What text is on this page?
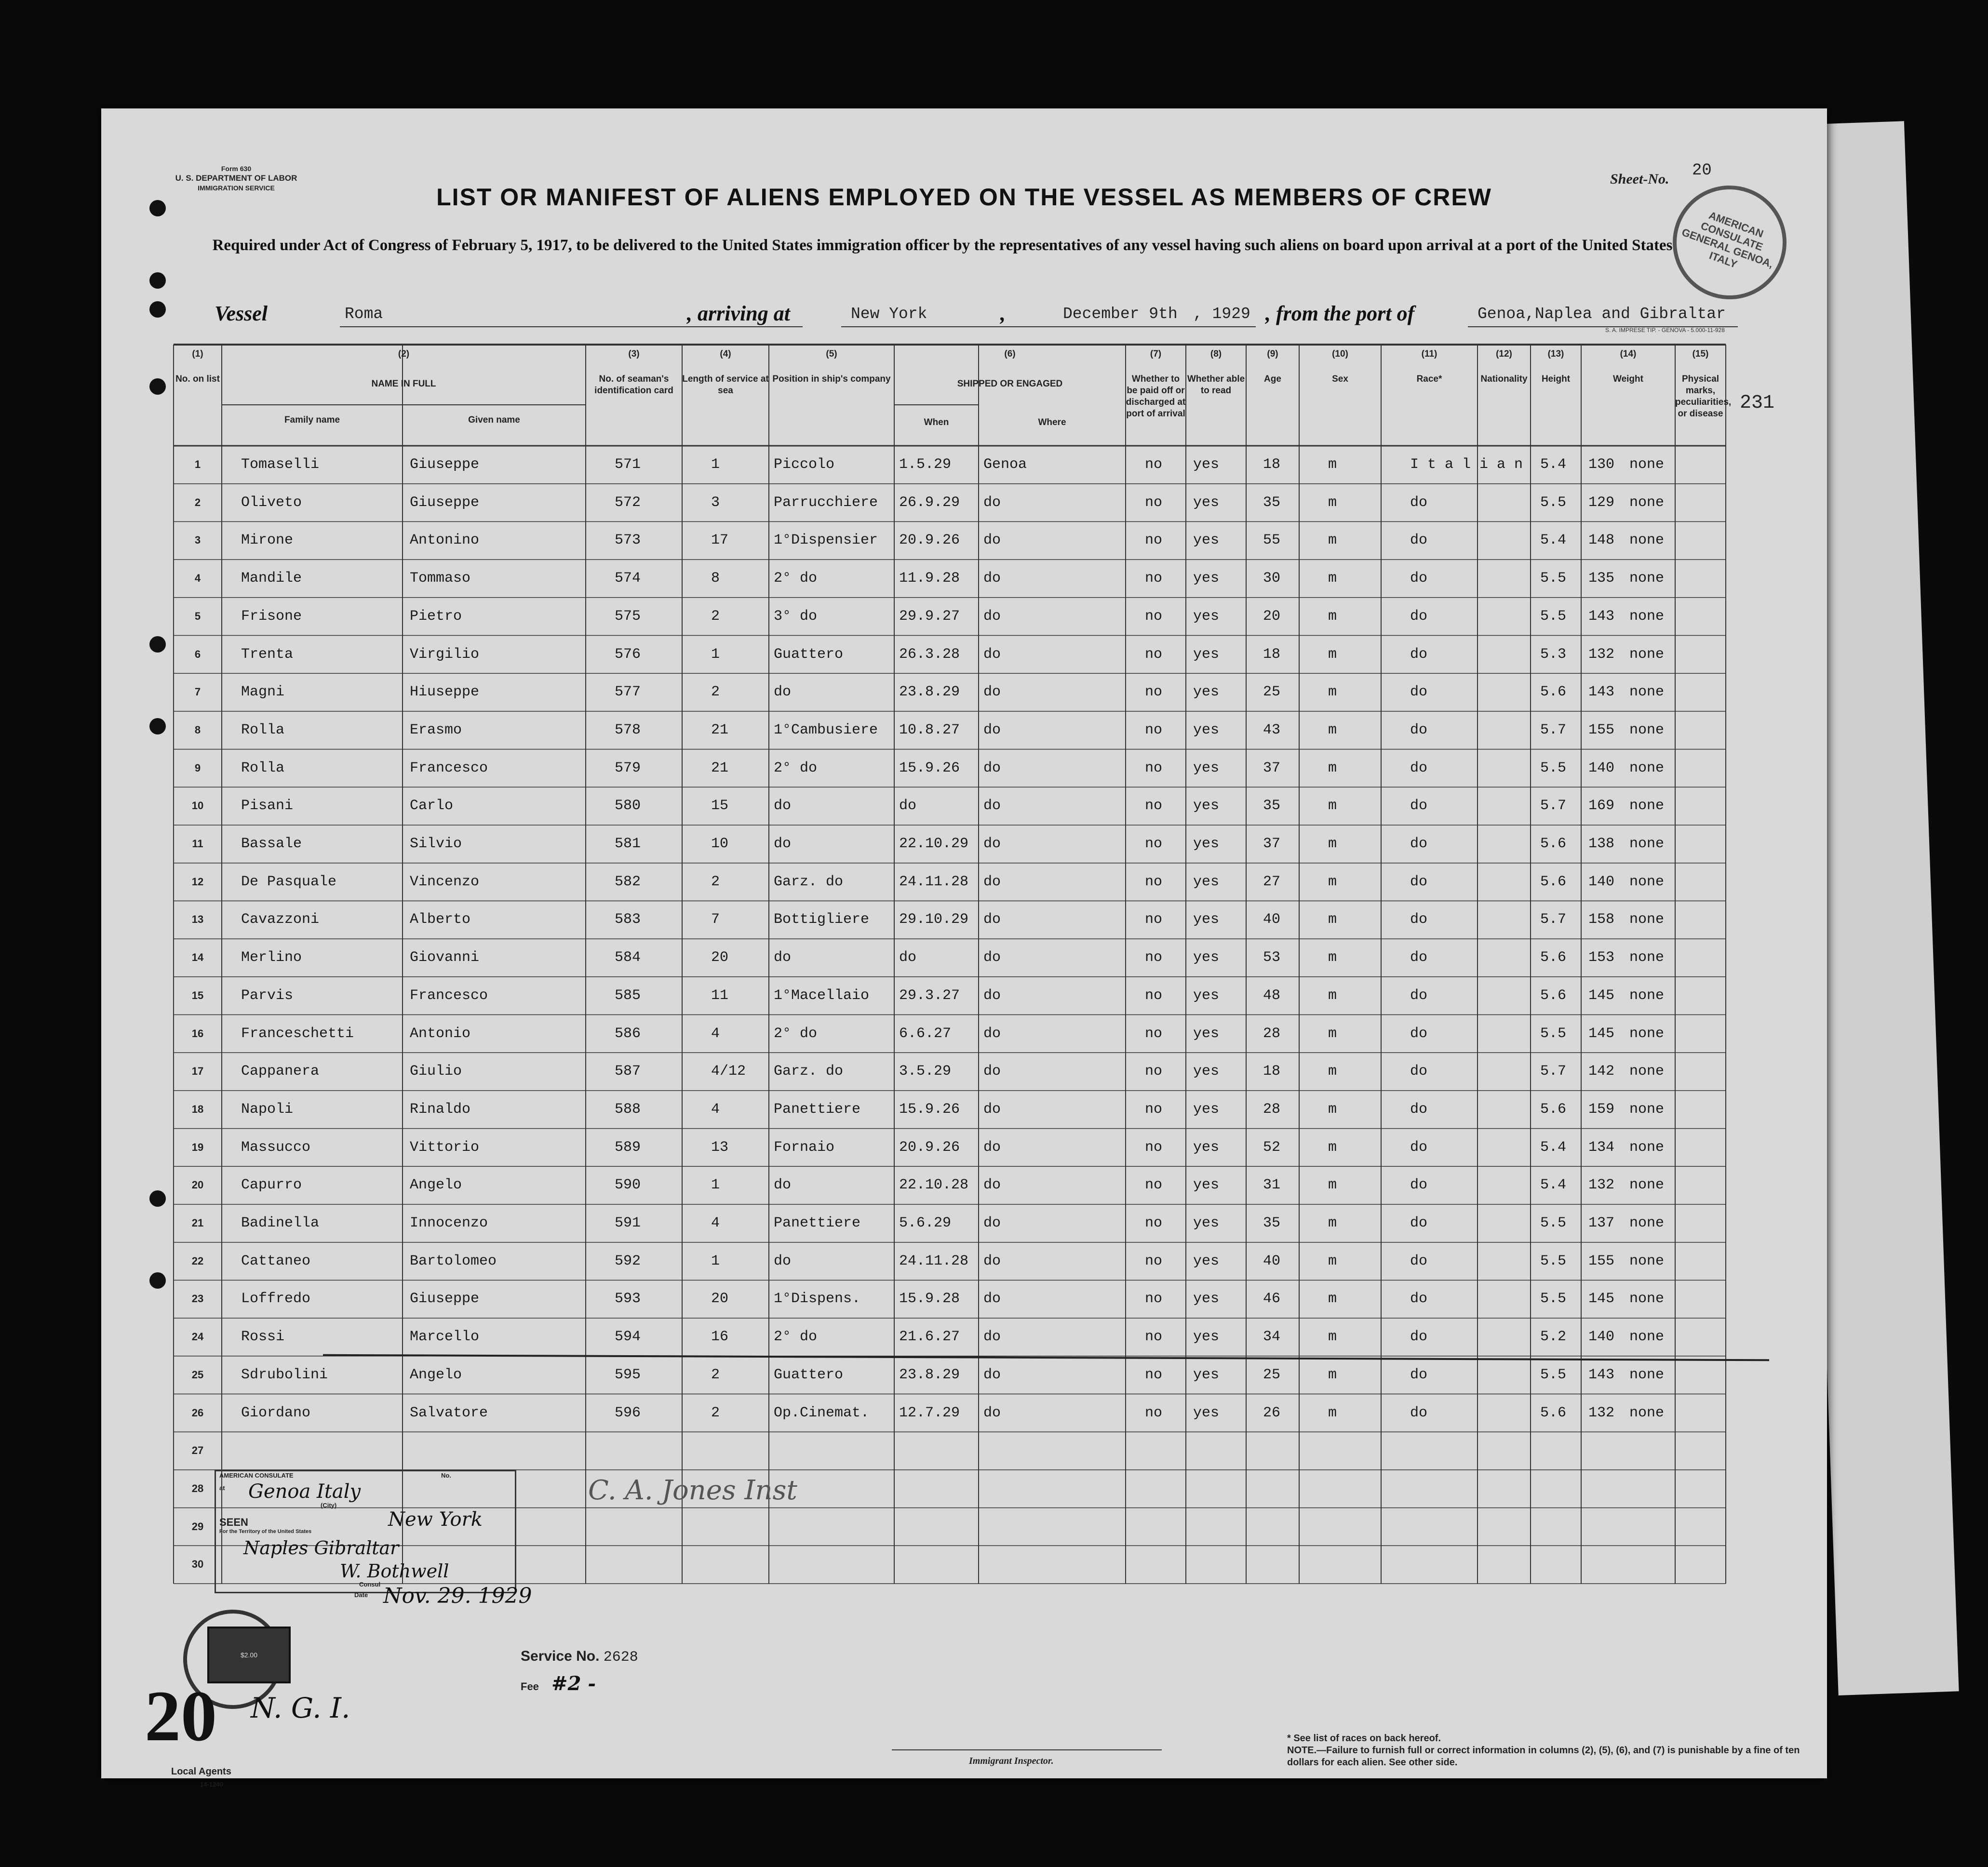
Form 630
U. S. DEPARTMENT OF LABOR
IMMIGRATION SERVICE
Sheet-No. 20
AMERICAN CONSULATE GENERAL GENOA, ITALY
LIST OR MANIFEST OF ALIENS EMPLOYED ON THE VESSEL AS MEMBERS OF CREW
Required under Act of Congress of February 5, 1917, to be delivered to the United States immigration officer by the representatives of any vessel having such aliens on board upon arrival at a port of the United States
Vessel	Roma	, arriving at	New York	,	December 9th , 1929 , from the port of	Genoa,Naplea and Gibraltar
S. A. IMPRESE TIP. - GENOVA - 5.000-11-928
(1)
No. on list
(2)
NAME IN FULL
(3)
No. of seaman's identification card
(4)
Length of service at sea
(5)
Position in ship's company
(6)
SHIPPED OR ENGAGED
(7)
Whether to be paid off or discharged at port of arrival
(8)
Whether able to read
(9)
Age
(10)
Sex
(11)
Race*
(12)
Nationality
(13)
Height
(14)
Weight
(15)
Physical marks, peculiarities, or disease
Family name	Given name	When	Where
231
1	Tomaselli	Giuseppe	571	1	Piccolo	1.5.29 Genoa	no yes	18	m	I t a l i a n 5.4 130 none
2	Oliveto	Giuseppe	572	3	Parrucchiere 26.9.29 do	no yes	35	m	do	5.5 129 none
3	Mirone	Antonino	573	17	1°Dispensier 20.9.26 do	no yes	55	m	do	5.4 148 none
4	Mandile	Tommaso	574	8	2° do	11.9.28 do	no yes	30	m	do	5.5 135 none
5	Frisone	Pietro	575	2	3° do	29.9.27 do	no yes	20	m	do	5.5 143 none
6	Trenta	Virgilio	576	1	Guattero	26.3.28 do	no yes	18	m	do	5.3 132 none
7	Magni	Hiuseppe	577	2	do	23.8.29 do	no yes	25	m	do	5.6 143 none
8	Rolla	Erasmo	578	21	1°Cambusiere 10.8.27 do	no yes	43	m	do	5.7 155 none
9	Rolla	Francesco	579	21	2° do	15.9.26 do	no yes	37	m	do	5.5 140 none
10	Pisani	Carlo	580	15	do	do	do	no yes	35	m	do	5.7 169 none
11	Bassale	Silvio	581	10	do	22.10.29 do	no yes	37	m	do	5.6 138 none
12	De Pasquale	Vincenzo	582	2	Garz. do	24.11.28 do	no yes	27	m	do	5.6 140 none
13	Cavazzoni	Alberto	583	7	Bottigliere 29.10.29 do	no yes	40	m	do	5.7 158 none
14	Merlino	Giovanni	584	20	do	do	do	no yes	53	m	do	5.6 153 none
15	Parvis	Francesco	585	11	1°Macellaio 29.3.27 do	no yes	48	m	do	5.6 145 none
16	Franceschetti	Antonio	586	4	2° do	6.6.27 do	no yes	28	m	do	5.5 145 none
17	Cappanera	Giulio	587	4/12 Garz. do	3.5.29 do	no yes	18	m	do	5.7 142 none
18	Napoli	Rinaldo	588	4	Panettiere	15.9.26 do	no yes	28	m	do	5.6 159 none
19	Massucco	Vittorio	589	13	Fornaio	20.9.26 do	no yes	52	m	do	5.4 134 none
20	Capurro	Angelo	590	1	do	22.10.28 do	no yes	31	m	do	5.4 132 none
21	Badinella	Innocenzo	591	4	Panettiere	5.6.29 do	no yes	35	m	do	5.5 137 none
22	Cattaneo	Bartolomeo	592	1	do	24.11.28 do	no yes	40	m	do	5.5 155 none
23	Loffredo	Giuseppe	593	20	1°Dispens.	15.9.28 do	no yes	46	m	do	5.5 145 none
24	Rossi	Marcello	594	16	2° do	21.6.27 do	no yes	34	m	do	5.2 140 none
25	Sdrubolini	Angelo	595	2	Guattero	23.8.29 do	no yes	25	m	do	5.5 143 none
26	Giordano	Salvatore	596	2	Op.Cinemat. 12.7.29 do	no yes	26	m	do	5.6 132 none
27
28
29
30
AMERICAN CONSULATE	No.
at Genoa Italy
(City)
SEEN
For the Territory of the United States
New York
Naples Gibraltar
W. Bothwell
Consul
Date Nov. 29. 1929
C. A. Jones Inst
$2.00	Service No. 2628
Fee #2 -
20 N. G. I.
Local Agents
14-1240
Immigrant Inspector.
* See list of races on back hereof.
NOTE.—Failure to furnish full or correct information in columns (2), (5), (6), and (7) is punishable by a fine of ten dollars for each alien. See other side.
